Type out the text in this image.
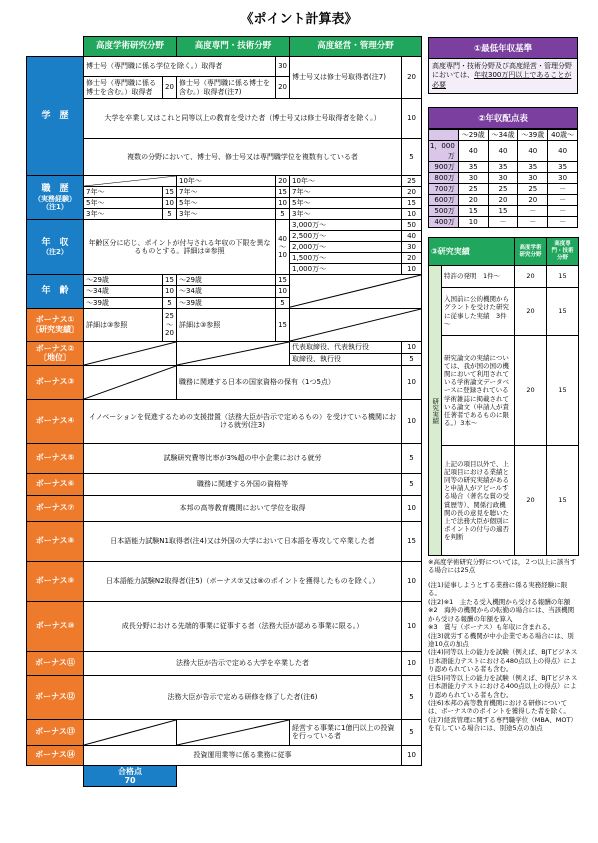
《ポイント計算表》
	高度学術研究分野		高度専門・技術分野		高度経営・管理分野	
学　歴	博士号（専門職に係る学位を除く。）取得者			30	博士号又は修士号取得者(注7)	20
	修士号（専門職に係る博士を含む。）取得者	20	修士号（専門職に係る博士を含む。）取得者(注7)	20		
	大学を卒業し又はこれと同等以上の教育を受けた者（博士号又は修士号取得者を除く。）					10
	複数の分野において、博士号、修士号又は専門職学位を複数有している者					5

職　歴
（実務経験）
（注1）			10年～	20	10年～	25
	7年～	15	7年～	15	7年～	20
	5年～	10	5年～	10	5年～	15
	3年～	5	3年～	5	3年～	10

年　収
（注2）	年齢区分に応じ、ポイントが付与される年収の下限を異なるものとする。詳細は②参照			40 ～ 10	3,000万～	50
					2,500万～	40
					2,000万～	30
					1,500万～	20
					1,000万～	10
年　齢	～29歳	15	～29歳	15	

	～34歳	10	～34歳	10		
	～39歳	5	～39歳	5		

ボーナス①
〔研究実績〕	詳細は③参照	25 ～ 20	詳細は③参照	15	

ボーナス②
〔地位〕					代表取締役、代表執行役	10
					取締役、執行役	5
ボーナス③			職務に関連する日本の国家資格の保有（1つ5点）			10
ボーナス④	イノベーションを促進するための支援措置（法務大臣が告示で定めるもの）を受けている機関における就労(注3)					10
ボーナス⑤	試験研究費等比率が3%超の中小企業における就労					5
ボーナス⑥	職務に関連する外国の資格等					5
ボーナス⑦	本邦の高等教育機関において学位を取得					10
ボーナス⑧	日本語能力試験N1取得者(注4)又は外国の大学において日本語を専攻して卒業した者					15
ボーナス⑨	日本語能力試験N2取得者(注5)（ボーナス⑦又は⑧のポイントを獲得したものを除く。）					10
ボーナス⑩	成長分野における先端的事業に従事する者（法務大臣が認める事業に限る。）					10
ボーナス⑪	法務大臣が告示で定める大学を卒業した者					10
ボーナス⑫	法務大臣が告示で定める研修を修了した者(注6)					5
ボーナス⑬					経営する事業に1億円以上の投資を行っている者	5
ボーナス⑭	投資運用業等に係る業務に従事					10

	合格点
70					

①最低年収基準
高度専門・技術分野及び高度経営・管理分野においては、年収300万円以上であることが必要
②年収配点表
	～29歳	～34歳	～39歳	40歳～
1，000万	40	40	40	40
900万	35	35	35	35
800万	30	30	30	30
700万	25	25	25	－
600万	20	20	20	－
500万	15	15	－	－
400万	10	－	－	－
③研究実績		高度学術研究分野	高度専門・技術分野
研究実績	特許の発明　1件～	20	15
	入国前に公的機関からグラントを受けた研究に従事した実績　3件～	20	15
	研究論文の実績については、我が国の国の機関において利用されている学術論文データベースに登録されている学術雑誌に掲載されている論文（申請人が責任著者であるものに限る。）3本～	20	15
	上記の項目以外で、上記項目における業績と同等の研究実績があると申請人がアピールする場合（著名な賞の受賞歴等）、関係行政機関の長の意見を聴いた上で法務大臣が個別にポイントの付与の適否を判断	20	15
※高度学術研究分野については，２つ以上に該当する場合には25点
(注1)従事しようとする業務に係る実務経験に限る。
(注2)※1　主たる受入機関から受ける報酬の年額
※2　海外の機関からの転勤の場合には、当該機関から受ける報酬の年額を算入
※3　賞与（ボーナス）も年収に含まれる。
(注3)就労する機関が中小企業である場合には、別途10点の加点
(注4)同等以上の能力を試験（例えば、BJTビジネス日本語能力テストにおける480点以上の得点）により認められている者も含む。
(注5)同等以上の能力を試験（例えば、BJTビジネス日本語能力テストにおける400点以上の得点）により認められている者も含む。
(注6)本邦の高等教育機関における研修については、ボーナス⑦のポイントを獲得した者を除く。
(注7)経営管理に関する専門職学位（MBA、MOT）を有している場合には、別途5点の加点
